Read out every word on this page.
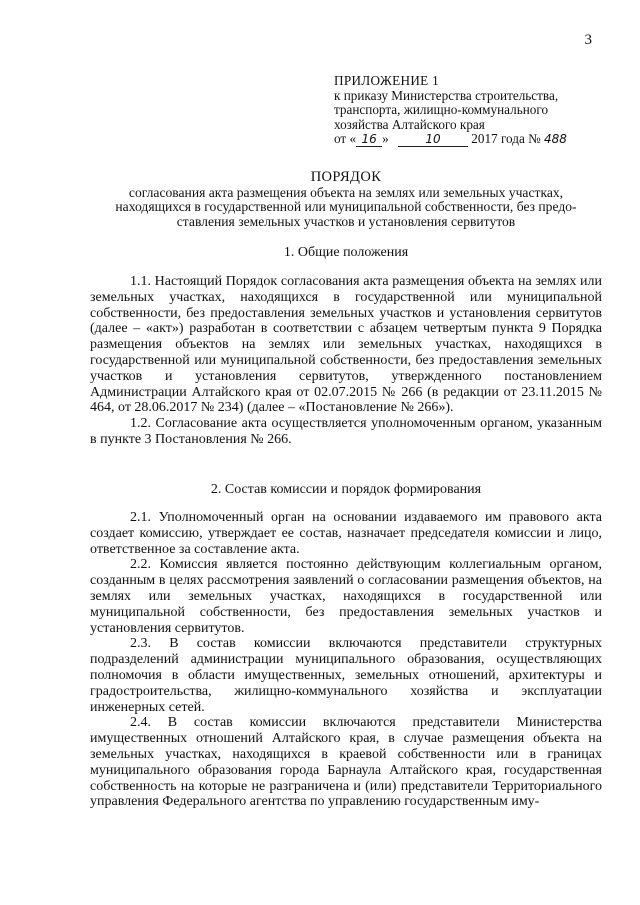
3
ПРИЛОЖЕНИЕ 1
к приказу Министерства строительства,
транспорта, жилищно-коммунального
хозяйства Алтайского края
от « 16 »	10 2017 года № 488
ПОРЯДОК
согласования акта размещения объекта на землях или земельных участках,
находящихся в государственной или муниципальной собственности, без предо-
ставления земельных участков и установления сервитутов
1. Общие положения

1.1. Настоящий Порядок согласования акта размещения объекта на землях или земельных участках, находящихся в государственной или муниципальной собственности, без предоставления земельных участков и установления сервитутов (далее – «акт») разработан в соответствии с абзацем четвертым пункта 9 Порядка размещения объектов на землях или земельных участках, находящихся в государственной или муниципальной собственности, без предоставления земельных участков и установления сервитутов, утвержденного постановлением Администрации Алтайского края от 02.07.2015 № 266 (в редакции от 23.11.2015 № 464, от 28.06.2017 № 234) (далее – «Постановление № 266»).

1.2. Согласование акта осуществляется уполномоченным органом, указанным в пункте 3 Постановления № 266.

2. Состав комиссии и порядок формирования

2.1. Уполномоченный орган на основании издаваемого им правового акта создает комиссию, утверждает ее состав, назначает председателя комиссии и лицо, ответственное за составление акта.

2.2. Комиссия является постоянно действующим коллегиальным органом, созданным в целях рассмотрения заявлений о согласовании размещения объектов, на землях или земельных участках, находящихся в государственной или муниципальной собственности, без предоставления земельных участков и установления сервитутов.

2.3. В состав комиссии включаются представители структурных подразделений администрации муниципального образования, осуществляющих полномочия в области имущественных, земельных отношений, архитектуры и градостроительства, жилищно-коммунального хозяйства и эксплуатации инженерных сетей.

2.4. В состав комиссии включаются представители Министерства имущественных отношений Алтайского края, в случае размещения объекта на земельных участках, находящихся в краевой собственности или в границах муниципального образования города Барнаула Алтайского края, государственная собственность на которые не разграничена и (или) представители Территориального управления Федерального агентства по управлению государственным иму-
